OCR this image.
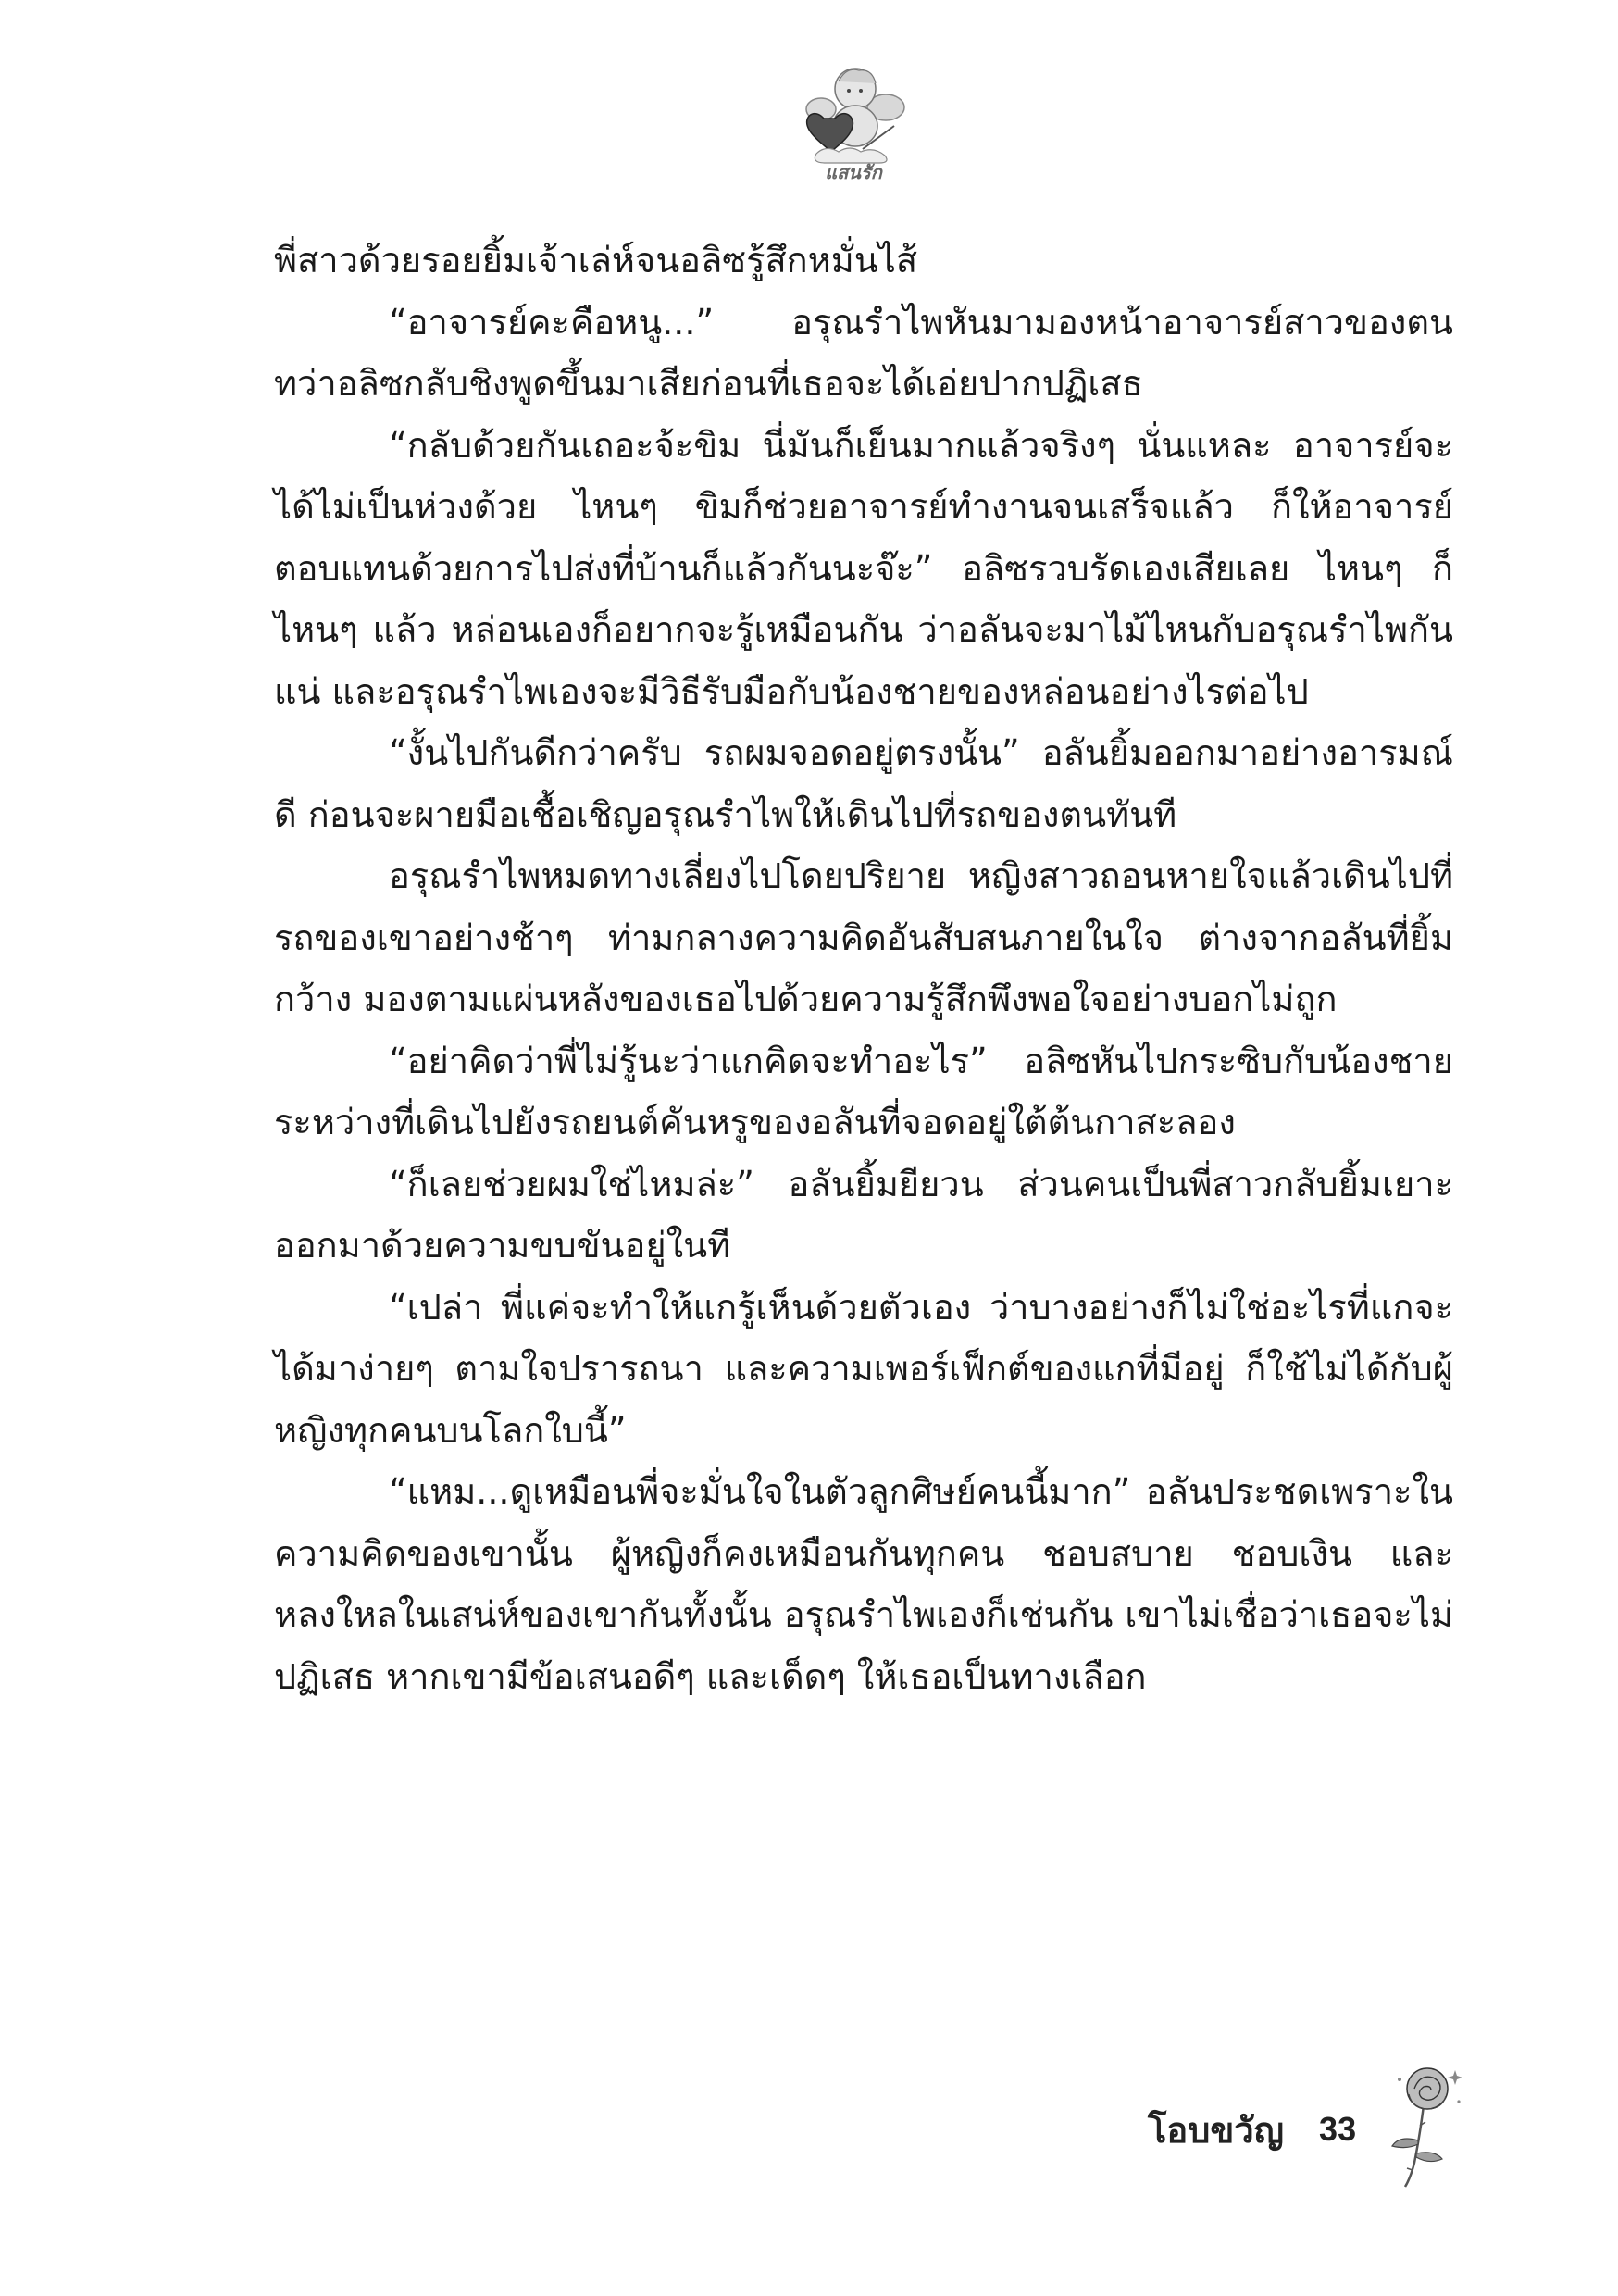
แสนรัก

พี่สาวด้วยรอยยิ้มเจ้าเล่ห์จนอลิซรู้สึกหมั่นไส้

“อาจารย์คะคือหนู...” อรุณรำไพหันมามองหน้าอาจารย์สาวของตน ทว่าอลิซกลับชิงพูดขึ้นมาเสียก่อนที่เธอจะได้เอ่ยปากปฏิเสธ

“กลับด้วยกันเถอะจ้ะขิม นี่มันก็เย็นมากแล้วจริงๆ นั่นแหละ อาจารย์จะได้ไม่เป็นห่วงด้วย ไหนๆ ขิมก็ช่วยอาจารย์ทำงานจนเสร็จแล้ว ก็ให้อาจารย์ตอบแทนด้วยการไปส่งที่บ้านก็แล้วกันนะจ๊ะ” อลิซรวบรัดเองเสียเลย ไหนๆ ก็ไหนๆ แล้ว หล่อนเองก็อยากจะรู้เหมือนกัน ว่าอลันจะมาไม้ไหนกับอรุณรำไพกันแน่ และอรุณรำไพเองจะมีวิธีรับมือกับน้องชายของหล่อนอย่างไรต่อไป

“งั้นไปกันดีกว่าครับ รถผมจอดอยู่ตรงนั้น” อลันยิ้มออกมาอย่างอารมณ์ดี ก่อนจะผายมือเชื้อเชิญอรุณรำไพให้เดินไปที่รถของตนทันที

อรุณรำไพหมดทางเลี่ยงไปโดยปริยาย หญิงสาวถอนหายใจแล้วเดินไปที่รถของเขาอย่างช้าๆ ท่ามกลางความคิดอันสับสนภายในใจ ต่างจากอลันที่ยิ้มกว้าง มองตามแผ่นหลังของเธอไปด้วยความรู้สึกพึงพอใจอย่างบอกไม่ถูก

“อย่าคิดว่าพี่ไม่รู้นะว่าแกคิดจะทำอะไร” อลิซหันไปกระซิบกับน้องชายระหว่างที่เดินไปยังรถยนต์คันหรูของอลันที่จอดอยู่ใต้ต้นกาสะลอง

“ก็เลยช่วยผมใช่ไหมล่ะ” อลันยิ้มยียวน ส่วนคนเป็นพี่สาวกลับยิ้มเยาะออกมาด้วยความขบขันอยู่ในที

“เปล่า พี่แค่จะทำให้แกรู้เห็นด้วยตัวเอง ว่าบางอย่างก็ไม่ใช่อะไรที่แกจะได้มาง่ายๆ ตามใจปรารถนา และความเพอร์เฟ็กต์ของแกที่มีอยู่ ก็ใช้ไม่ได้กับผู้หญิงทุกคนบนโลกใบนี้”

“แหม...ดูเหมือนพี่จะมั่นใจในตัวลูกศิษย์คนนี้มาก” อลันประชดเพราะในความคิดของเขานั้น ผู้หญิงก็คงเหมือนกันทุกคน ชอบสบาย ชอบเงิน และหลงใหลในเสน่ห์ของเขากันทั้งนั้น อรุณรำไพเองก็เช่นกัน เขาไม่เชื่อว่าเธอจะไม่ปฏิเสธ หากเขามีข้อเสนอดีๆ และเด็ดๆ ให้เธอเป็นทางเลือก

โอบขวัญ 33
